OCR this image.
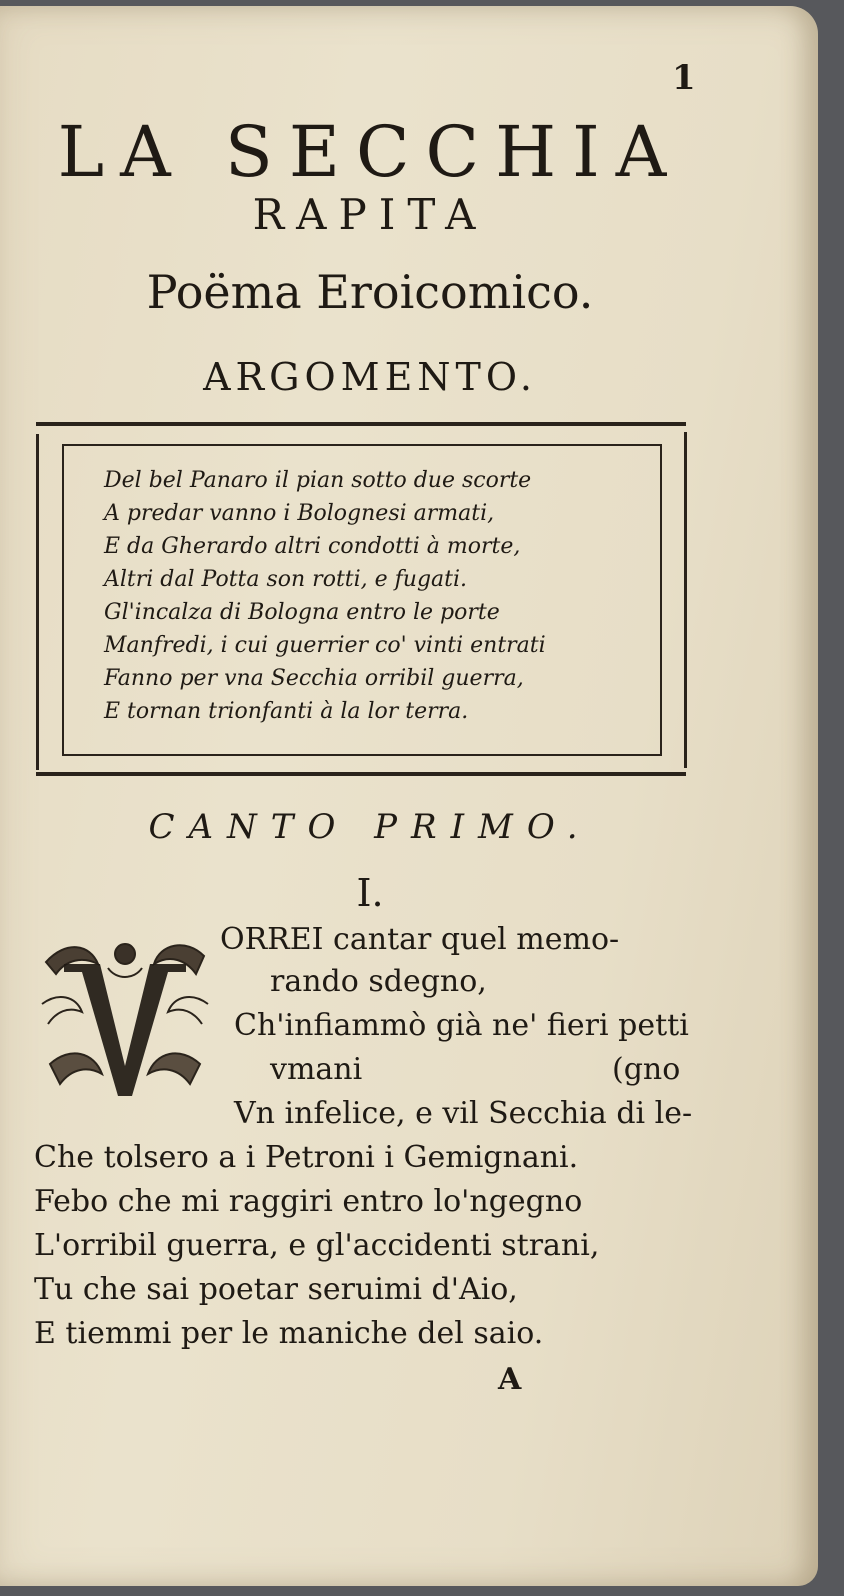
1

LA SECCHIA
RAPITA
Poëma Eroicomico.
ARGOMENTO.
Del bel Panaro il pian sotto due scorte
A predar vanno i Bolognesi armati,
E da Gherardo altri condotti à morte,
Altri dal Potta son rotti, e fugati.
Gl'incalza di Bologna entro le porte
Manfredi, i cui guerrier co' vinti entrati
Fanno per vna Secchia orribil guerra,
E tornan trionfanti à la lor terra.
CANTO PRIMO.
I.
V

ORREI cantar quel memo-

rando sdegno,

Ch'infiammò già ne' fieri petti

vmani	(gno

Vn infelice, e vil Secchia di le-

Che tolsero a i Petroni i Gemignani.

Febo che mi raggiri entro lo'ngegno

L'orribil guerra, e gl'accidenti strani,

Tu che sai poetar seruimi d'Aio,

E tiemmi per le maniche del saio.

A
